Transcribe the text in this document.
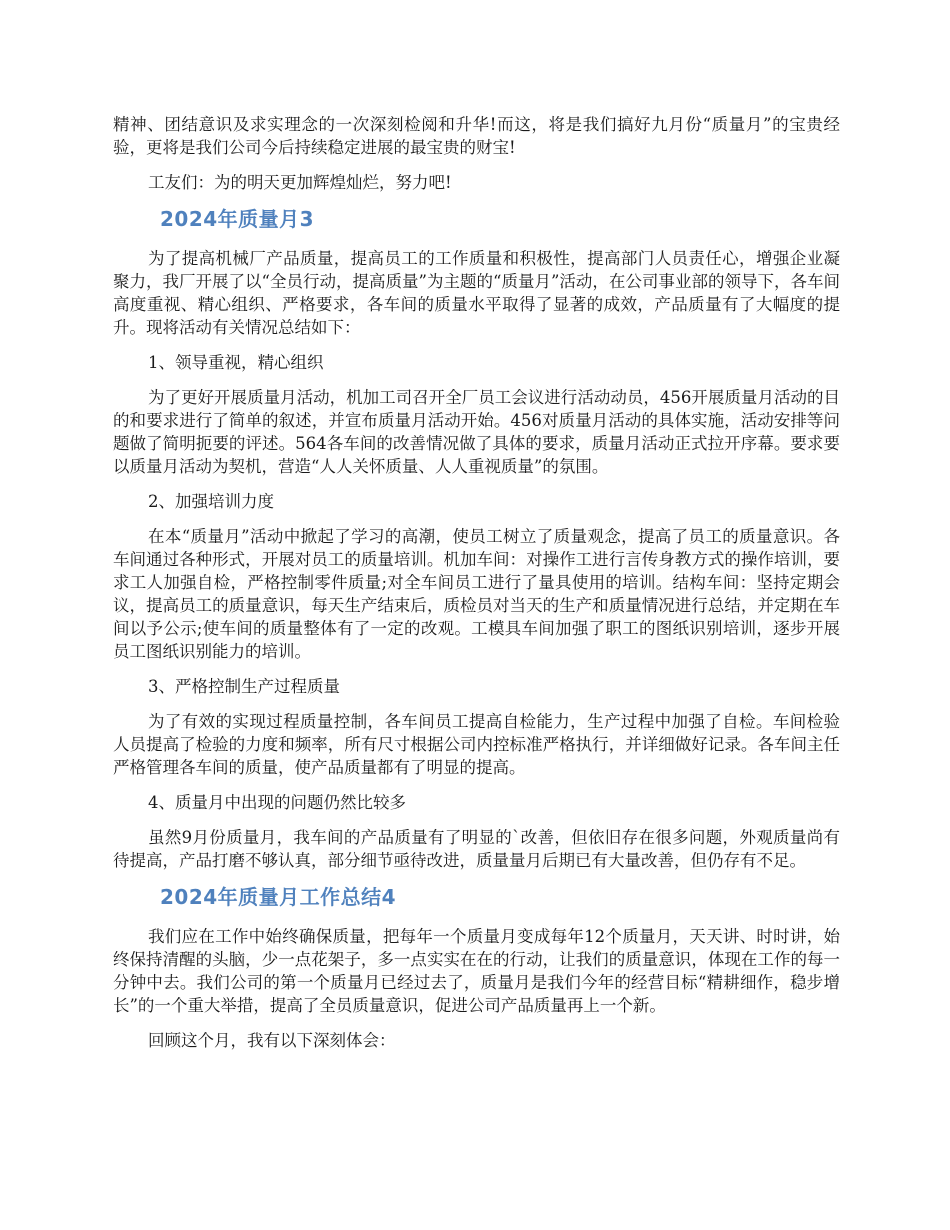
精神、团结意识及求实理念的一次深刻检阅和升华!而这，将是我们搞好九月份“质量月”的宝贵经验，更将是我们公司今后持续稳定进展的最宝贵的财宝!

工友们：为的明天更加辉煌灿烂，努力吧!

2024年质量月3

为了提高机械厂产品质量，提高员工的工作质量和积极性，提高部门人员责任心，增强企业凝聚力，我厂开展了以“全员行动，提高质量”为主题的“质量月”活动，在公司事业部的领导下，各车间高度重视、精心组织、严格要求，各车间的质量水平取得了显著的成效，产品质量有了大幅度的提升。现将活动有关情况总结如下：

1、领导重视，精心组织

为了更好开展质量月活动，机加工司召开全厂员工会议进行活动动员，456开展质量月活动的目的和要求进行了简单的叙述，并宣布质量月活动开始。456对质量月活动的具体实施，活动安排等问题做了简明扼要的评述。564各车间的改善情况做了具体的要求，质量月活动正式拉开序幕。要求要以质量月活动为契机，营造“人人关怀质量、人人重视质量”的氛围。

2、加强培训力度

在本“质量月”活动中掀起了学习的高潮，使员工树立了质量观念，提高了员工的质量意识。各车间通过各种形式，开展对员工的质量培训。机加车间：对操作工进行言传身教方式的操作培训，要求工人加强自检，严格控制零件质量;对全车间员工进行了量具使用的培训。结构车间：坚持定期会议，提高员工的质量意识，每天生产结束后，质检员对当天的生产和质量情况进行总结，并定期在车间以予公示;使车间的质量整体有了一定的改观。工模具车间加强了职工的图纸识别培训，逐步开展员工图纸识别能力的培训。

3、严格控制生产过程质量

为了有效的实现过程质量控制，各车间员工提高自检能力，生产过程中加强了自检。车间检验人员提高了检验的力度和频率，所有尺寸根据公司内控标准严格执行，并详细做好记录。各车间主任严格管理各车间的质量，使产品质量都有了明显的提高。

4、质量月中出现的问题仍然比较多

虽然9月份质量月，我车间的产品质量有了明显的`改善，但依旧存在很多问题，外观质量尚有待提高，产品打磨不够认真，部分细节亟待改进，质量量月后期已有大量改善，但仍存有不足。

2024年质量月工作总结4

我们应在工作中始终确保质量，把每年一个质量月变成每年12个质量月，天天讲、时时讲，始终保持清醒的头脑，少一点花架子，多一点实实在在的行动，让我们的质量意识，体现在工作的每一分钟中去。我们公司的第一个质量月已经过去了，质量月是我们今年的经营目标“精耕细作，稳步增长”的一个重大举措，提高了全员质量意识，促进公司产品质量再上一个新。

回顾这个月，我有以下深刻体会：
